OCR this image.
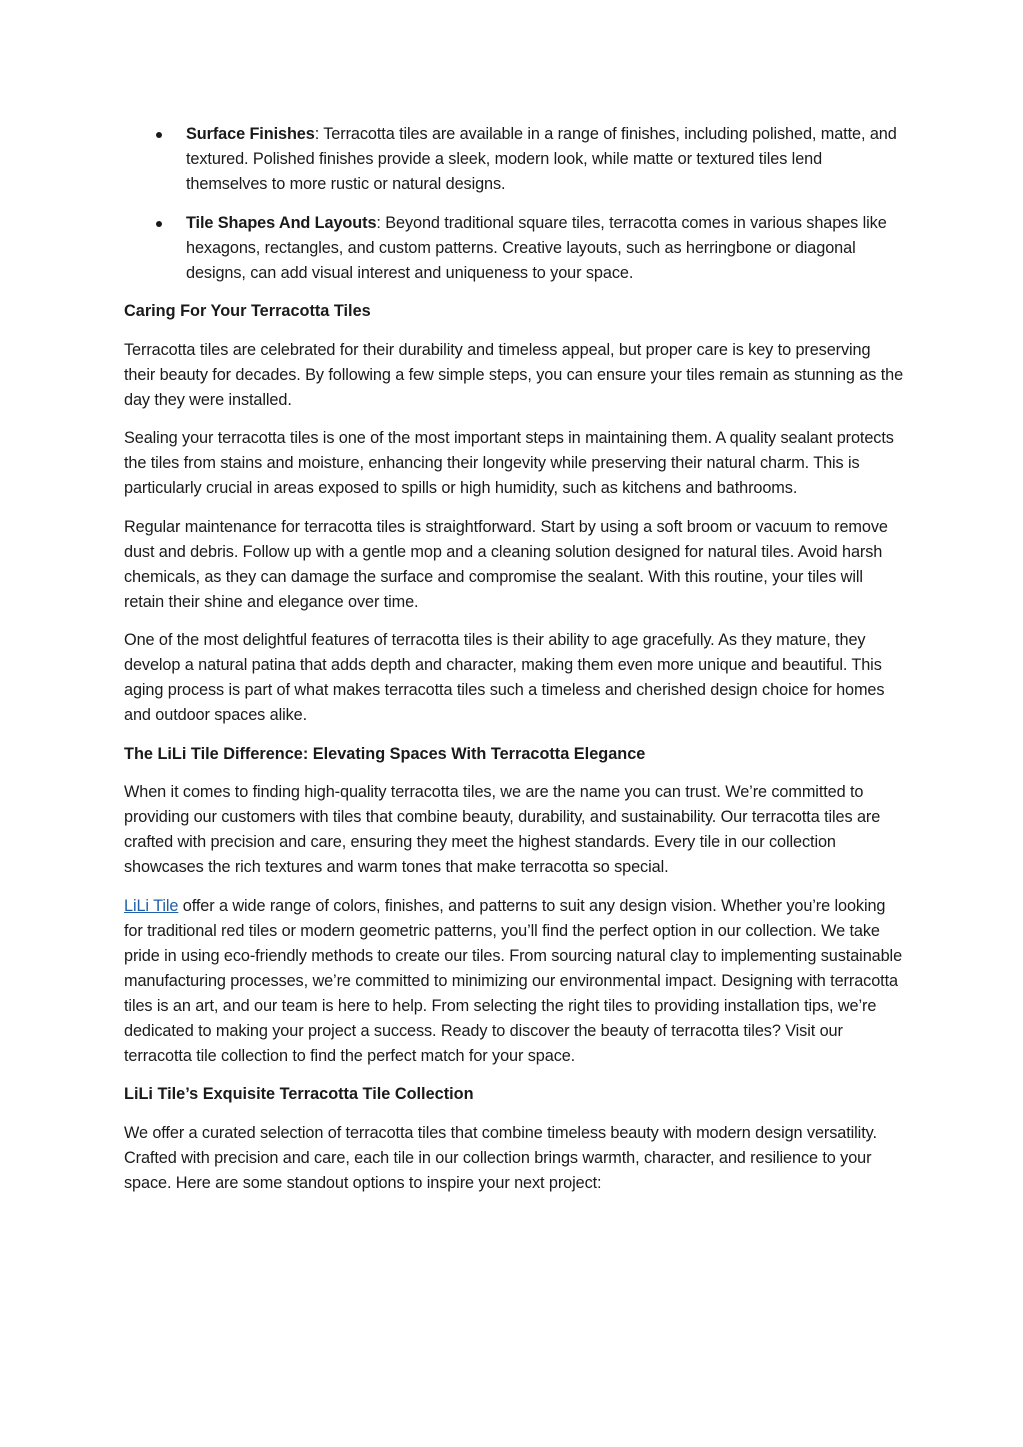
Surface Finishes: Terracotta tiles are available in a range of finishes, including polished, matte, and textured. Polished finishes provide a sleek, modern look, while matte or textured tiles lend themselves to more rustic or natural designs.
Tile Shapes And Layouts: Beyond traditional square tiles, terracotta comes in various shapes like hexagons, rectangles, and custom patterns. Creative layouts, such as herringbone or diagonal designs, can add visual interest and uniqueness to your space.

Caring For Your Terracotta Tiles

Terracotta tiles are celebrated for their durability and timeless appeal, but proper care is key to preserving their beauty for decades. By following a few simple steps, you can ensure your tiles remain as stunning as the day they were installed.

Sealing your terracotta tiles is one of the most important steps in maintaining them. A quality sealant protects the tiles from stains and moisture, enhancing their longevity while preserving their natural charm. This is particularly crucial in areas exposed to spills or high humidity, such as kitchens and bathrooms.

Regular maintenance for terracotta tiles is straightforward. Start by using a soft broom or vacuum to remove dust and debris. Follow up with a gentle mop and a cleaning solution designed for natural tiles. Avoid harsh chemicals, as they can damage the surface and compromise the sealant. With this routine, your tiles will retain their shine and elegance over time.

One of the most delightful features of terracotta tiles is their ability to age gracefully. As they mature, they develop a natural patina that adds depth and character, making them even more unique and beautiful. This aging process is part of what makes terracotta tiles such a timeless and cherished design choice for homes and outdoor spaces alike.

The LiLi Tile Difference: Elevating Spaces With Terracotta Elegance

When it comes to finding high-quality terracotta tiles, we are the name you can trust. We’re committed to providing our customers with tiles that combine beauty, durability, and sustainability. Our terracotta tiles are crafted with precision and care, ensuring they meet the highest standards. Every tile in our collection showcases the rich textures and warm tones that make terracotta so special.

LiLi Tile offer a wide range of colors, finishes, and patterns to suit any design vision. Whether you’re looking for traditional red tiles or modern geometric patterns, you’ll find the perfect option in our collection. We take pride in using eco-friendly methods to create our tiles. From sourcing natural clay to implementing sustainable manufacturing processes, we’re committed to minimizing our environmental impact. Designing with terracotta tiles is an art, and our team is here to help. From selecting the right tiles to providing installation tips, we’re dedicated to making your project a success. Ready to discover the beauty of terracotta tiles? Visit our terracotta tile collection to find the perfect match for your space.

LiLi Tile’s Exquisite Terracotta Tile Collection

We offer a curated selection of terracotta tiles that combine timeless beauty with modern design versatility. Crafted with precision and care, each tile in our collection brings warmth, character, and resilience to your space. Here are some standout options to inspire your next project:
